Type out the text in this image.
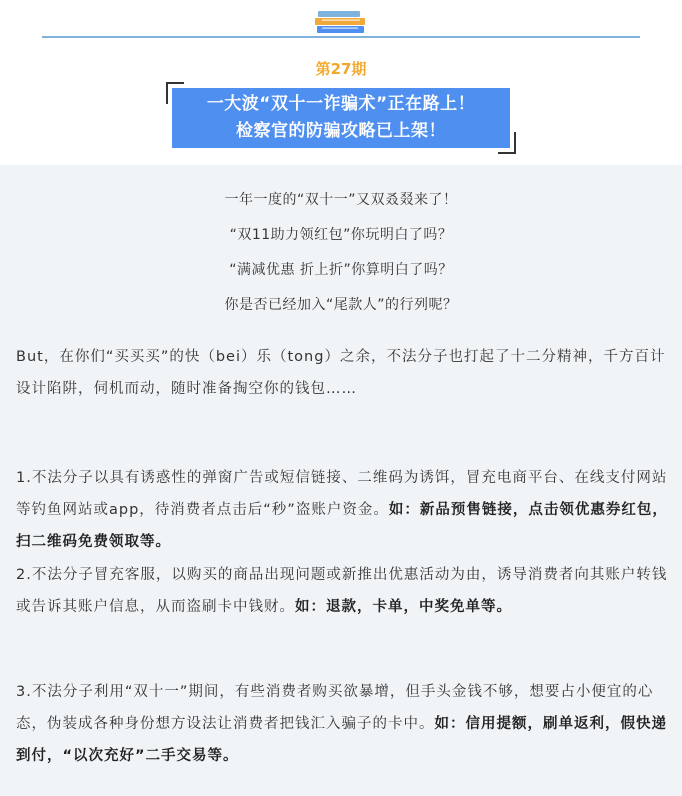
第27期
一大波“双十一诈骗术”正在路上！
检察官的防骗攻略已上架！
一年一度的“双十一”又双叒叕来了！
“双11助力领红包”你玩明白了吗？
“满减优惠 折上折”你算明白了吗？
你是否已经加入“尾款人”的行列呢？

But，在你们“买买买”的快（bei）乐（tong）之余，不法分子也打起了十二分精神，千方百计设计陷阱，伺机而动，随时准备掏空你的钱包……

1.不法分子以具有诱惑性的弹窗广告或短信链接、二维码为诱饵，冒充电商平台、在线支付网站等钓鱼网站或app，待消费者点击后“秒”盗账户资金。如：新品预售链接，点击领优惠券红包，扫二维码免费领取等。

2.不法分子冒充客服，以购买的商品出现问题或新推出优惠活动为由，诱导消费者向其账户转钱或告诉其账户信息，从而盗刷卡中钱财。如：退款，卡单，中奖免单等。

3.不法分子利用“双十一”期间，有些消费者购买欲暴增，但手头金钱不够，想要占小便宜的心态，伪装成各种身份想方设法让消费者把钱汇入骗子的卡中。如：信用提额，刷单返利，假快递到付，“以次充好”二手交易等。
